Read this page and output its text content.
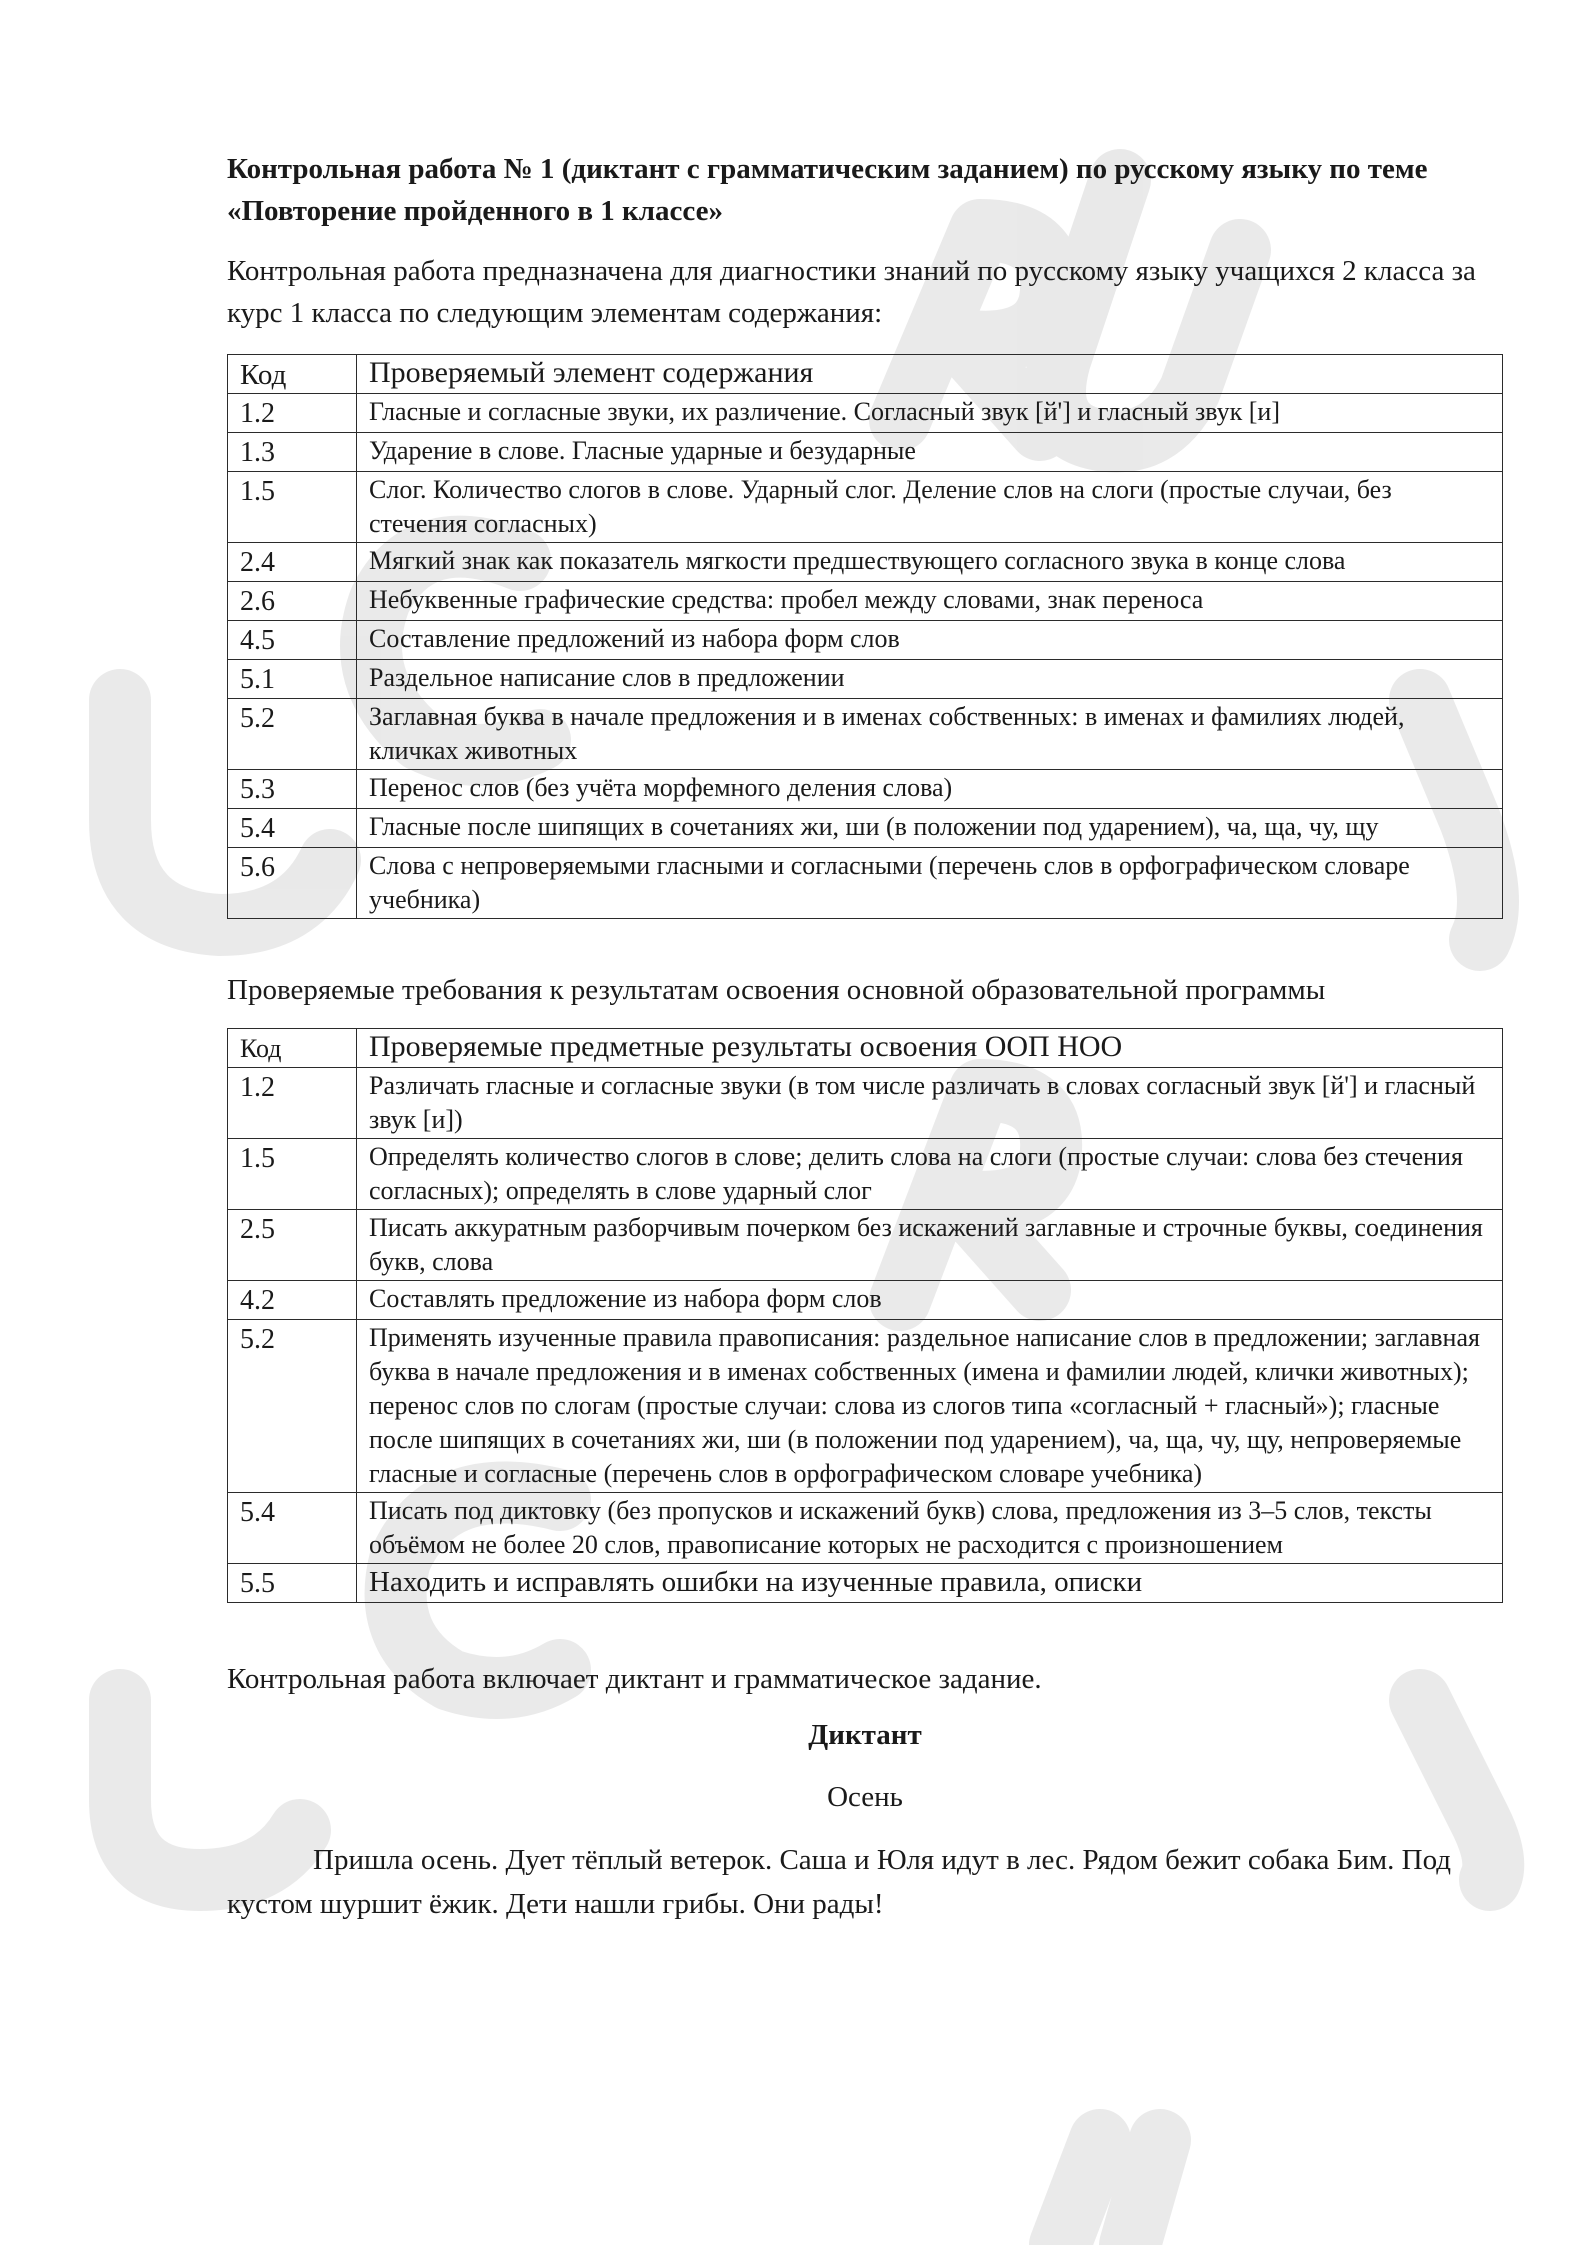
Контрольная работа № 1 (диктант с грамматическим заданием) по русскому языку по теме «Повторение пройденного в 1 классе»

Контрольная работа предназначена для диагностики знаний по русскому языку учащихся 2 класса за курс 1 класса по следующим элементам содержания:

Код	Проверяемый элемент содержания
1.2	Гласные и согласные звуки, их различение. Согласный звук [й'] и гласный звук [и]
1.3	Ударение в слове. Гласные ударные и безударные
1.5	Слог. Количество слогов в слове. Ударный слог. Деление слов на слоги (простые случаи, без стечения согласных)
2.4	Мягкий знак как показатель мягкости предшествующего согласного звука в конце слова
2.6	Небуквенные графические средства: пробел между словами, знак переноса
4.5	Составление предложений из набора форм слов
5.1	Раздельное написание слов в предложении
5.2	Заглавная буква в начале предложения и в именах собственных: в именах и фамилиях людей, кличках животных
5.3	Перенос слов (без учёта морфемного деления слова)
5.4	Гласные после шипящих в сочетаниях жи, ши (в положении под ударением), ча, ща, чу, щу
5.6	Слова с непроверяемыми гласными и согласными (перечень слов в орфографическом словаре учебника)

Проверяемые требования к результатам освоения основной образовательной программы

Код	Проверяемые предметные результаты освоения ООП НОО
1.2	Различать гласные и согласные звуки (в том числе различать в словах согласный звук [й'] и гласный звук [и])
1.5	Определять количество слогов в слове; делить слова на слоги (простые случаи: слова без стечения согласных); определять в слове ударный слог
2.5	Писать аккуратным разборчивым почерком без искажений заглавные и строчные буквы, соединения букв, слова
4.2	Составлять предложение из набора форм слов
5.2	Применять изученные правила правописания: раздельное написание слов в предложении; заглавная буква в начале предложения и в именах собственных (имена и фамилии людей, клички животных); перенос слов по слогам (простые случаи: слова из слогов типа «согласный + гласный»); гласные после шипящих в сочетаниях жи, ши (в положении под ударением), ча, ща, чу, щу, непроверяемые гласные и согласные (перечень слов в орфографическом словаре учебника)
5.4	Писать под диктовку (без пропусков и искажений букв) слова, предложения из 3–5 слов, тексты объёмом не более 20 слов, правописание которых не расходится с произношением
5.5	Находить и исправлять ошибки на изученные правила, описки

Контрольная работа включает диктант и грамматическое задание.

Диктант

Осень

Пришла осень. Дует тёплый ветерок. Саша и Юля идут в лес. Рядом бежит собака Бим. Под кустом шуршит ёжик. Дети нашли грибы. Они рады!
